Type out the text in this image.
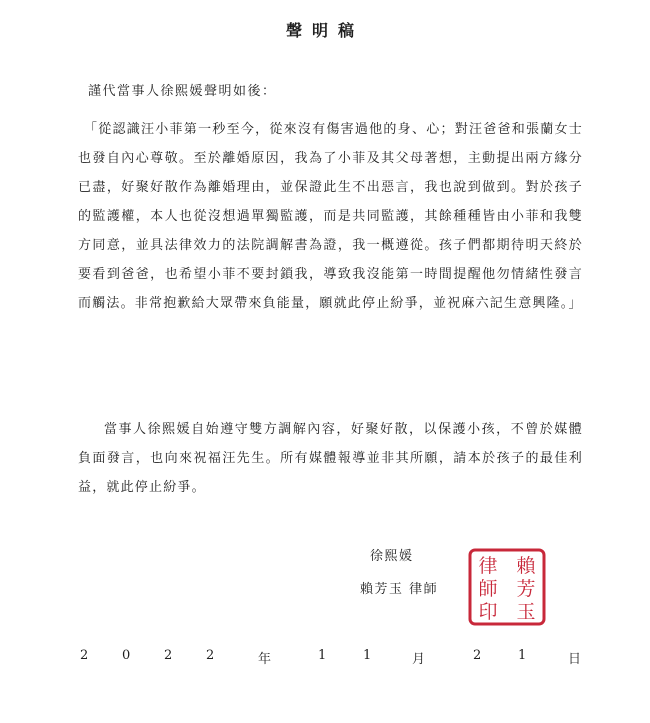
聲明稿
謹代當事人徐熙媛聲明如後：
「從認識汪小菲第一秒至今，從來沒有傷害過他的身、心；對汪爸爸和張蘭女士也發自內心尊敬。至於離婚原因，我為了小菲及其父母著想，主動提出兩方緣分已盡，好聚好散作為離婚理由，並保證此生不出惡言，我也說到做到。對於孩子的監護權，本人也從沒想過單獨監護，而是共同監護，其餘種種皆由小菲和我雙方同意，並具法律效力的法院調解書為證，我一概遵從。孩子們都期待明天終於要看到爸爸，也希望小菲不要封鎖我，導致我沒能第一時間提醒他勿情緒性發言而觸法。非常抱歉給大眾帶來負能量，願就此停止紛爭，並祝麻六記生意興隆。」
當事人徐熙媛自始遵守雙方調解內容，好聚好散，以保護小孩，不曾於媒體負面發言，也向來祝福汪先生。所有媒體報導並非其所願，請本於孩子的最佳利益，就此停止紛爭。
徐熙媛
賴芳玉 律師
賴
芳
玉
律
師
印
2	0	2	2	年	1	1	月	2	1	日
